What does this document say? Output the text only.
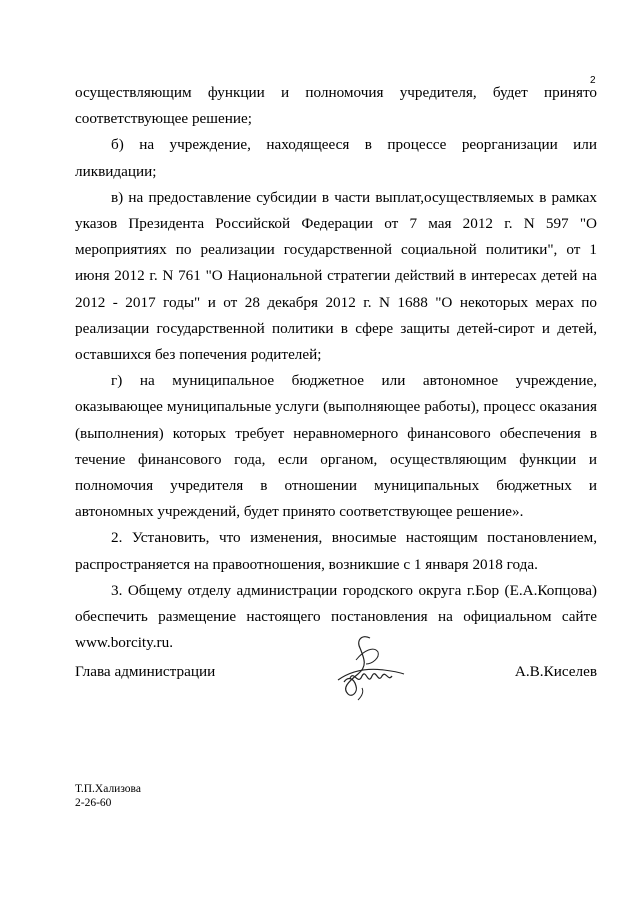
2

осуществляющим функции и полномочия учредителя, будет принято соответствующее решение;

б) на учреждение, находящееся в процессе реорганизации или ликвидации;

в) на предоставление субсидии в части выплат,осуществляемых в рамках указов Президента Российской Федерации от 7 мая 2012 г. N 597 "О мероприятиях по реализации государственной социальной политики", от 1 июня 2012 г. N 761 "О Национальной стратегии действий в интересах детей на 2012 - 2017 годы" и от 28 декабря 2012 г. N 1688 "О некоторых мерах по реализации государственной политики в сфере защиты детей-сирот и детей, оставшихся без попечения родителей;

г) на муниципальное бюджетное или автономное учреждение, оказывающее муниципальные услуги (выполняющее работы), процесс оказания (выполнения) которых требует неравномерного финансового обеспечения в течение финансового года, если органом, осуществляющим функции и полномочия учредителя в отношении муниципальных бюджетных и автономных учреждений, будет принято соответствующее решение».

2. Установить, что изменения, вносимые настоящим постановлением, распространяется на правоотношения, возникшие с 1 января 2018 года.

3. Общему отделу администрации городского округа г.Бор (Е.А.Копцова) обеспечить размещение настоящего постановления на официальном сайте www.borcity.ru.

Глава администрации	А.В.Киселев
Т.П.Хализова
2-26-60
